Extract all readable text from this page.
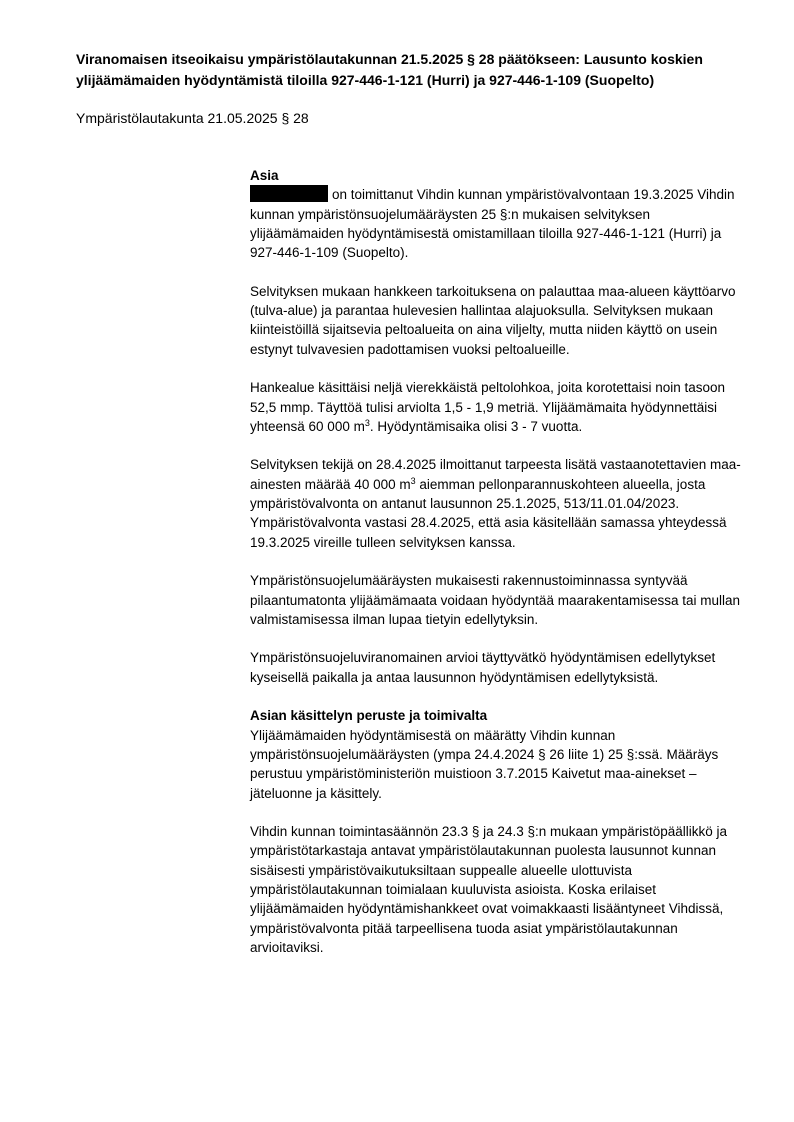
Viranomaisen itseoikaisu ympäristölautakunnan 21.5.2025 § 28 päätökseen: Lausunto koskien ylijäämämaiden hyödyntämistä tiloilla 927-446-1-121 (Hurri) ja 927-446-1-109 (Suopelto)

Ympäristölautakunta 21.05.2025 § 28

Asia

on toimittanut Vihdin kunnan ympäristövalvontaan 19.3.2025 Vihdin kunnan ympäristönsuojelumääräysten 25 §:n mukaisen selvityksen ylijäämämaiden hyödyntämisestä omistamillaan tiloilla 927-446-1-121 (Hurri) ja 927-446-1-109 (Suopelto).

Selvityksen mukaan hankkeen tarkoituksena on palauttaa maa-alueen käyttöarvo (tulva-alue) ja parantaa hulevesien hallintaa alajuoksulla. Selvityksen mukaan kiinteistöillä sijaitsevia peltoalueita on aina viljelty, mutta niiden käyttö on usein estynyt tulvavesien padottamisen vuoksi peltoalueille.

Hankealue käsittäisi neljä vierekkäistä peltolohkoa, joita korotettaisi noin tasoon 52,5 mmp. Täyttöä tulisi arviolta 1,5 - 1,9 metriä. Ylijäämämaita hyödynnettäisi yhteensä 60 000 $m^3$. Hyödyntämisaika olisi 3 - 7 vuotta.

Selvityksen tekijä on 28.4.2025 ilmoittanut tarpeesta lisätä vastaanotettavien maa-ainesten määrää 40 000 $m^3$ aiemman pellonparannuskohteen alueella, josta ympäristövalvonta on antanut lausunnon 25.1.2025, 513/11.01.04/2023. Ympäristövalvonta vastasi 28.4.2025, että asia käsitellään samassa yhteydessä 19.3.2025 vireille tulleen selvityksen kanssa.

Ympäristönsuojelumääräysten mukaisesti rakennustoiminnassa syntyvää pilaantumatonta ylijäämämaata voidaan hyödyntää maarakentamisessa tai mullan valmistamisessa ilman lupaa tietyin edellytyksin.

Ympäristönsuojeluviranomainen arvioi täyttyvätkö hyödyntämisen edellytykset kyseisellä paikalla ja antaa lausunnon hyödyntämisen edellytyksistä.

Asian käsittelyn peruste ja toimivalta

Ylijäämämaiden hyödyntämisestä on määrätty Vihdin kunnan ympäristönsuojelumääräysten (ympa 24.4.2024 § 26 liite 1) 25 §:ssä. Määräys perustuu ympäristöministeriön muistioon 3.7.2015 Kaivetut maa-ainekset – jäteluonne ja käsittely.

Vihdin kunnan toimintasäännön 23.3 § ja 24.3 §:n mukaan ympäristöpäällikkö ja ympäristötarkastaja antavat ympäristölautakunnan puolesta lausunnot kunnan sisäisesti ympäristövaikutuksiltaan suppealle alueelle ulottuvista ympäristölautakunnan toimialaan kuuluvista asioista. Koska erilaiset ylijäämämaiden hyödyntämishankkeet ovat voimakkaasti lisääntyneet Vihdissä, ympäristövalvonta pitää tarpeellisena tuoda asiat ympäristölautakunnan arvioitaviksi.
